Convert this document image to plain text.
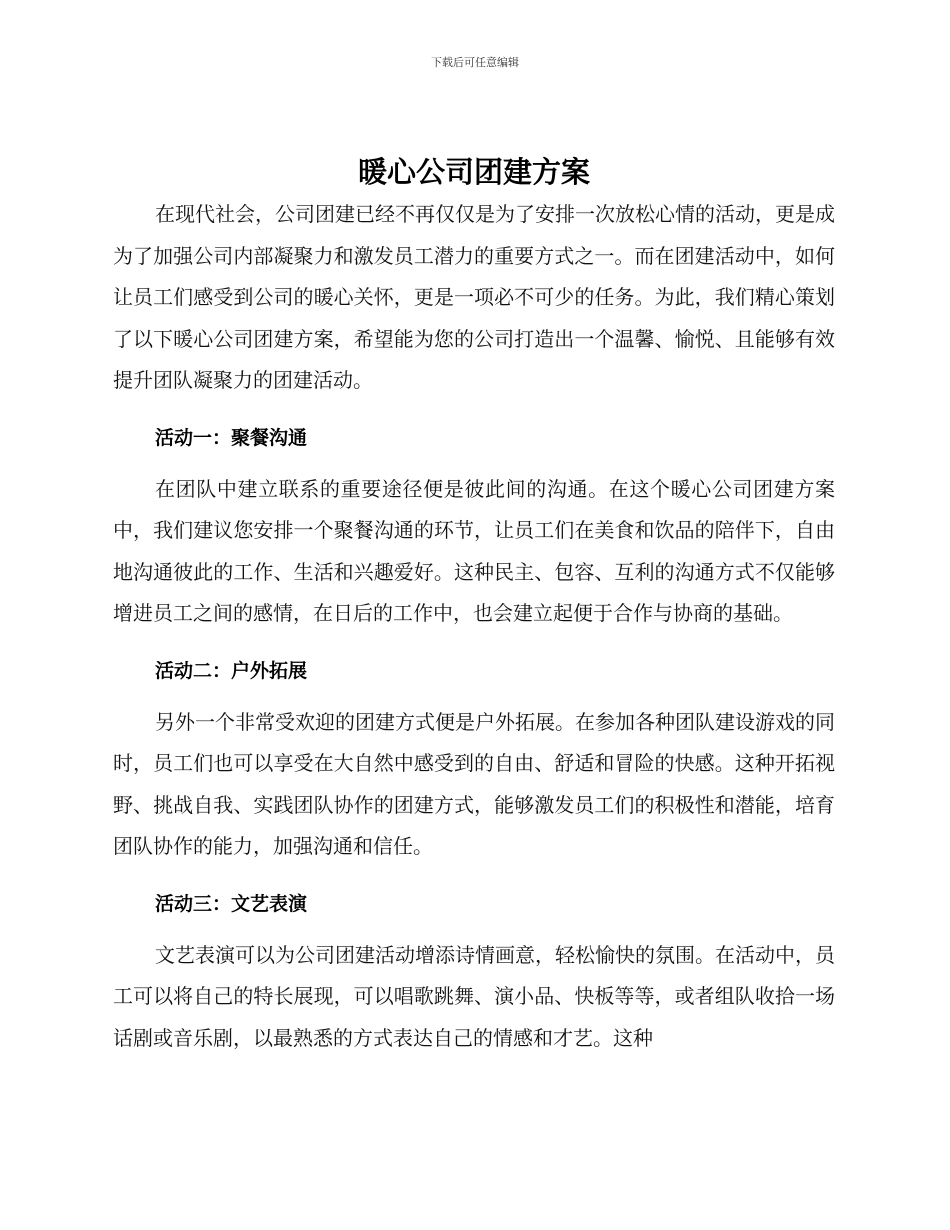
下载后可任意编辑
暖心公司团建方案

在现代社会，公司团建已经不再仅仅是为了安排一次放松心情的活动，更是成为了加强公司内部凝聚力和激发员工潜力的重要方式之一。而在团建活动中，如何让员工们感受到公司的暖心关怀，更是一项必不可少的任务。为此，我们精心策划了以下暖心公司团建方案，希望能为您的公司打造出一个温馨、愉悦、且能够有效提升团队凝聚力的团建活动。

活动一：聚餐沟通

在团队中建立联系的重要途径便是彼此间的沟通。在这个暖心公司团建方案中，我们建议您安排一个聚餐沟通的环节，让员工们在美食和饮品的陪伴下，自由地沟通彼此的工作、生活和兴趣爱好。这种民主、包容、互利的沟通方式不仅能够增进员工之间的感情，在日后的工作中，也会建立起便于合作与协商的基础。

活动二：户外拓展

另外一个非常受欢迎的团建方式便是户外拓展。在参加各种团队建设游戏的同时，员工们也可以享受在大自然中感受到的自由、舒适和冒险的快感。这种开拓视野、挑战自我、实践团队协作的团建方式，能够激发员工们的积极性和潜能，培育团队协作的能力，加强沟通和信任。

活动三：文艺表演

文艺表演可以为公司团建活动增添诗情画意，轻松愉快的氛围。在活动中，员工可以将自己的特长展现，可以唱歌跳舞、演小品、快板等等，或者组队收拾一场话剧或音乐剧，以最熟悉的方式表达自己的情感和才艺。这种
